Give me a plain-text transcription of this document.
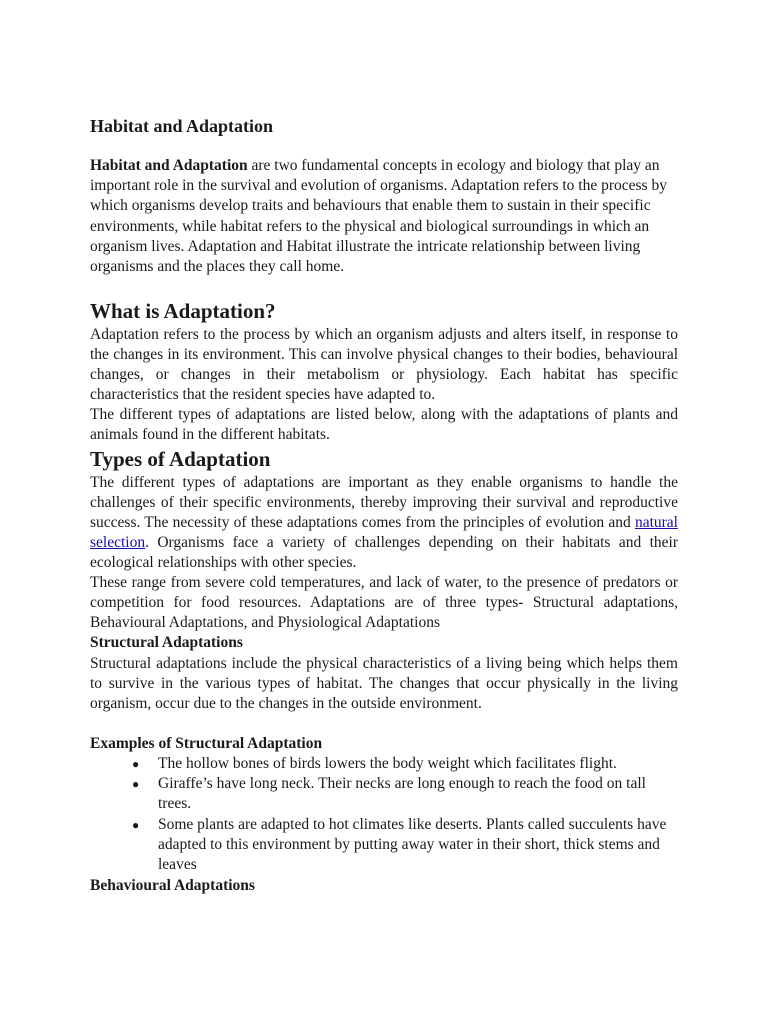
Habitat and Adaptation
Habitat and Adaptation are two fundamental concepts in ecology and biology that play an important role in the survival and evolution of organisms. Adaptation refers to the process by which organisms develop traits and behaviours that enable them to sustain in their specific environments, while habitat refers to the physical and biological surroundings in which an organism lives. Adaptation and Habitat illustrate the intricate relationship between living organisms and the places they call home.
What is Adaptation?
Adaptation refers to the process by which an organism adjusts and alters itself, in response to the changes in its environment. This can involve physical changes to their bodies, behavioural changes, or changes in their metabolism or physiology. Each habitat has specific characteristics that the resident species have adapted to.
The different types of adaptations are listed below, along with the adaptations of plants and animals found in the different habitats.
Types of Adaptation
The different types of adaptations are important as they enable organisms to handle the challenges of their specific environments, thereby improving their survival and reproductive success. The necessity of these adaptations comes from the principles of evolution and natural selection. Organisms face a variety of challenges depending on their habitats and their ecological relationships with other species.
These range from severe cold temperatures, and lack of water, to the presence of predators or competition for food resources. Adaptations are of three types- Structural adaptations, Behavioural Adaptations, and Physiological Adaptations
Structural Adaptations
Structural adaptations include the physical characteristics of a living being which helps them to survive in the various types of habitat. The changes that occur physically in the living organism, occur due to the changes in the outside environment.
Examples of Structural Adaptation
● The hollow bones of birds lowers the body weight which facilitates flight.
● Giraffe’s have long neck. Their necks are long enough to reach the food on tall trees.
● Some plants are adapted to hot climates like deserts. Plants called succulents have adapted to this environment by putting away water in their short, thick stems and leaves
Behavioural Adaptations
